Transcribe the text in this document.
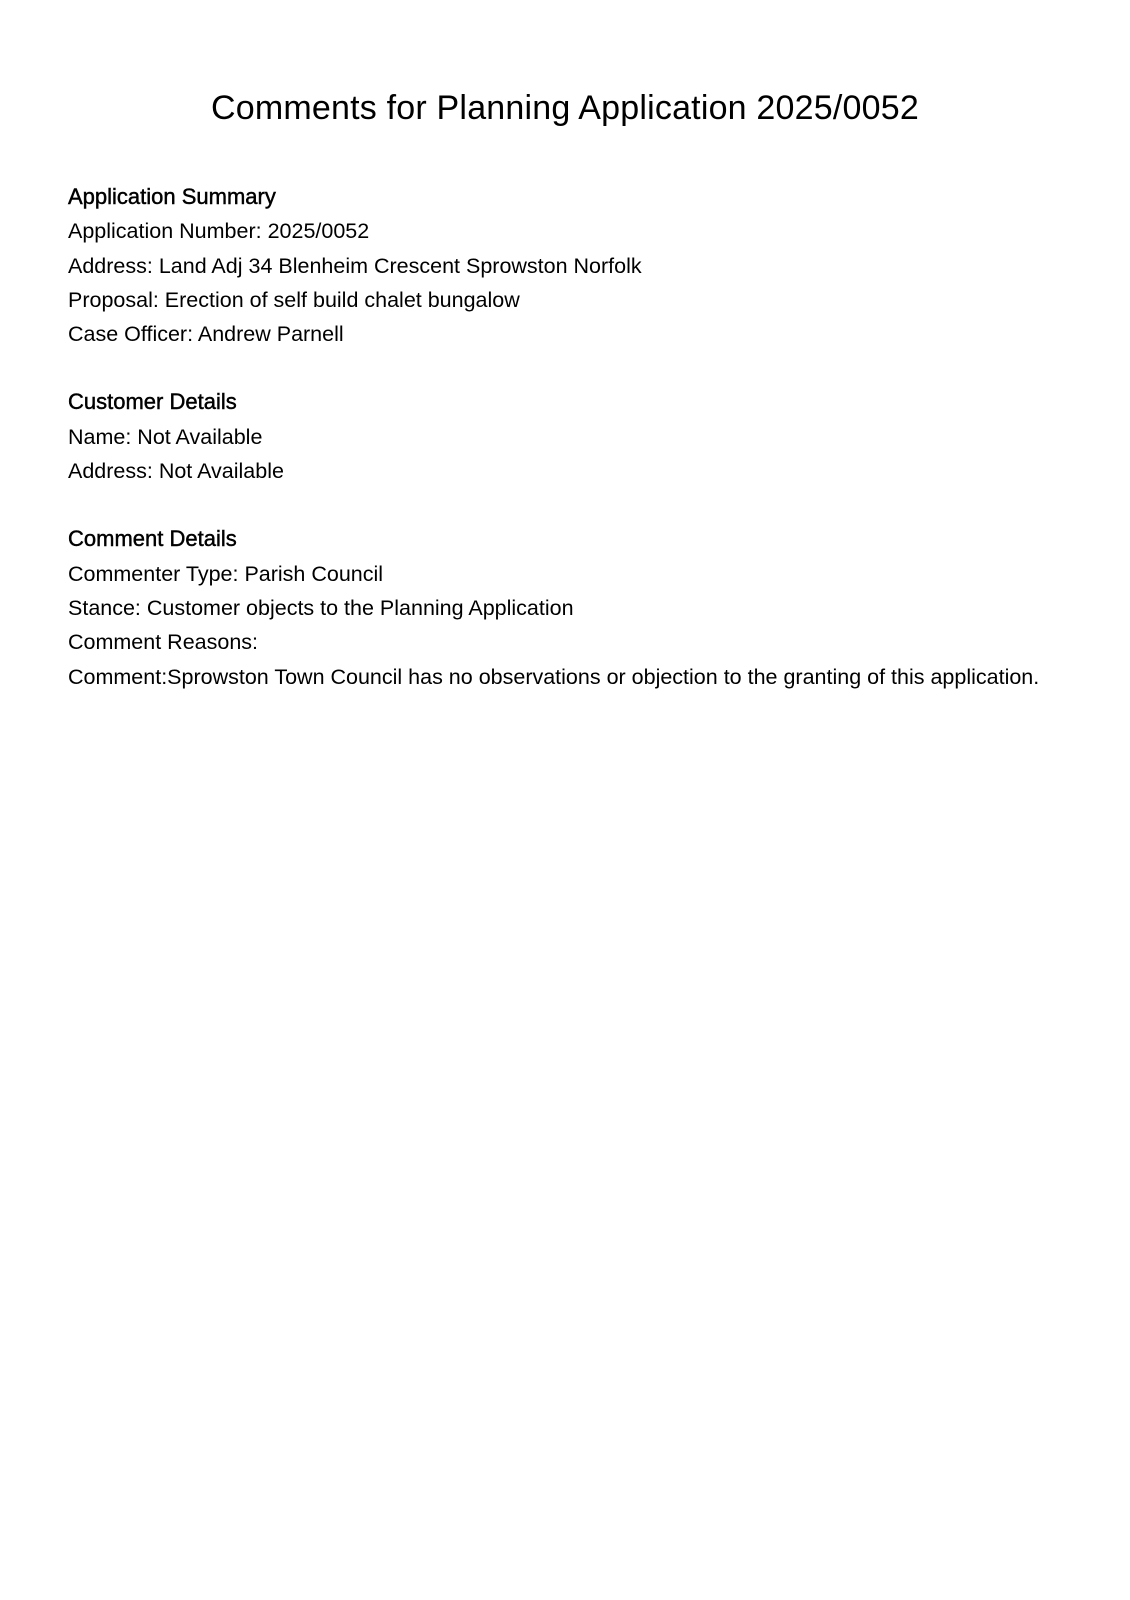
Comments for Planning Application 2025/0052

Application Summary

Application Number: 2025/0052

Address: Land Adj 34 Blenheim Crescent Sprowston Norfolk

Proposal: Erection of self build chalet bungalow

Case Officer: Andrew Parnell

Customer Details

Name: Not Available

Address: Not Available

Comment Details

Commenter Type: Parish Council

Stance: Customer objects to the Planning Application

Comment Reasons:

Comment:Sprowston Town Council has no observations or objection to the granting of this application.
